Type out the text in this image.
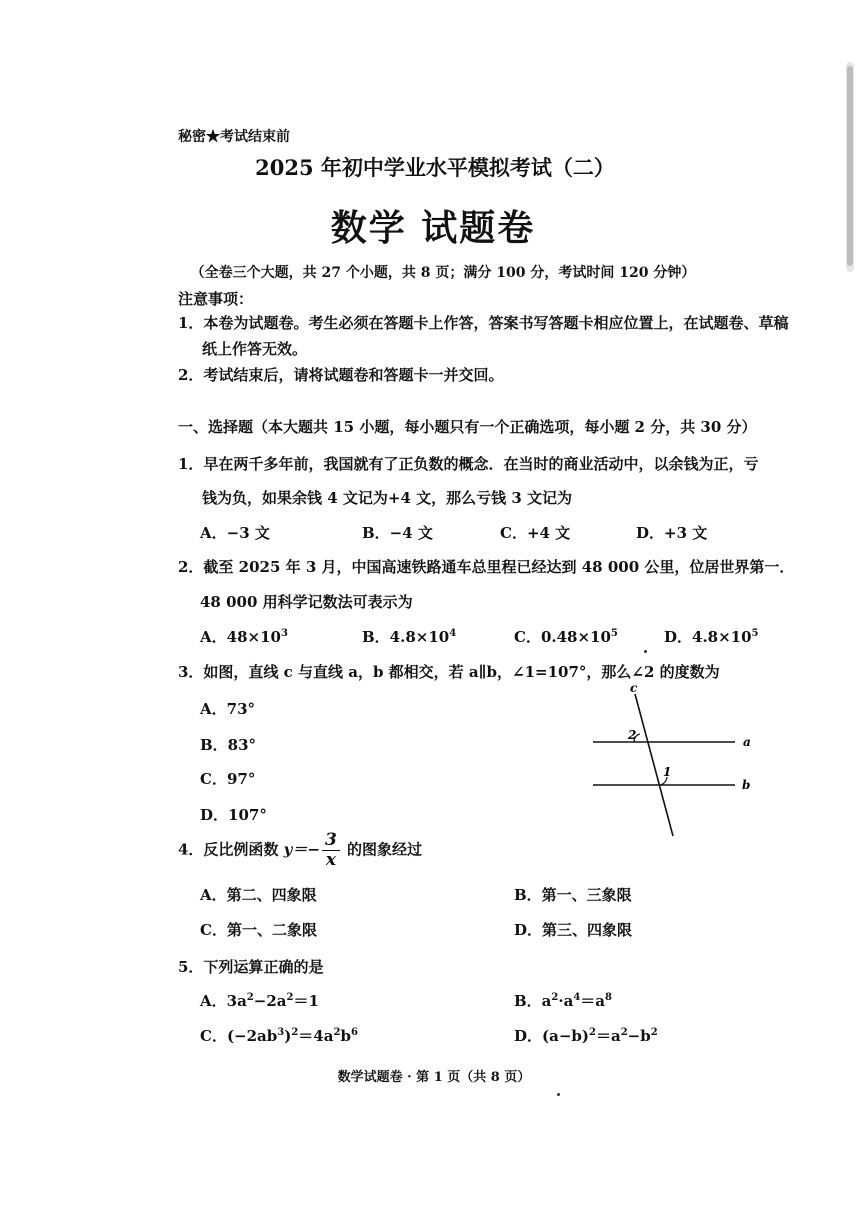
秘密★考试结束前
2025 年初中学业水平模拟考试（二）
数学 试题卷
（全卷三个大题，共 27 个小题，共 8 页；满分 100 分，考试时间 120 分钟）
注意事项：
1．本卷为试题卷。考生必须在答题卡上作答，答案书写答题卡相应位置上，在试题卷、草稿
纸上作答无效。
2．考试结束后，请将试题卷和答题卡一并交回。
一、选择题（本大题共 15 小题，每小题只有一个正确选项，每小题 2 分，共 30 分）
1．早在两千多年前，我国就有了正负数的概念．在当时的商业活动中，以余钱为正，亏
钱为负，如果余钱 4 文记为+4 文，那么亏钱 3 文记为
A．−3 文	B．−4 文	C．+4 文	D．+3 文
2．截至 2025 年 3 月，中国高速铁路通车总里程已经达到 48 000 公里，位居世界第一．
48 000 用科学记数法可表示为
A．$48\times 10^3$	B．$4.8\times 10^4$	C．$0.48\times 10^5$	D．$4.8\times 10^5$
3．如图，直线 c 与直线 a，b 都相交，若 a∥b，∠1=107°，那么∠2 的度数为
A．73°
B．83°
C．97°
D．107°
c
a
b
1
2
4．反比例函数 $y=- \frac{3}{x}$ 的图象经过
A．第二、四象限	B．第一、三象限
C．第一、二象限	D．第三、四象限
5．下列运算正确的是
A．$3a^2-2a^2=1$	B．$a^2\cdot a^4=a^8$
C．$(-2ab^3)^2=4a^2b^6$	D．$(a-b)^2=a^2-b^2$
数学试题卷 · 第 1 页（共 8 页）
